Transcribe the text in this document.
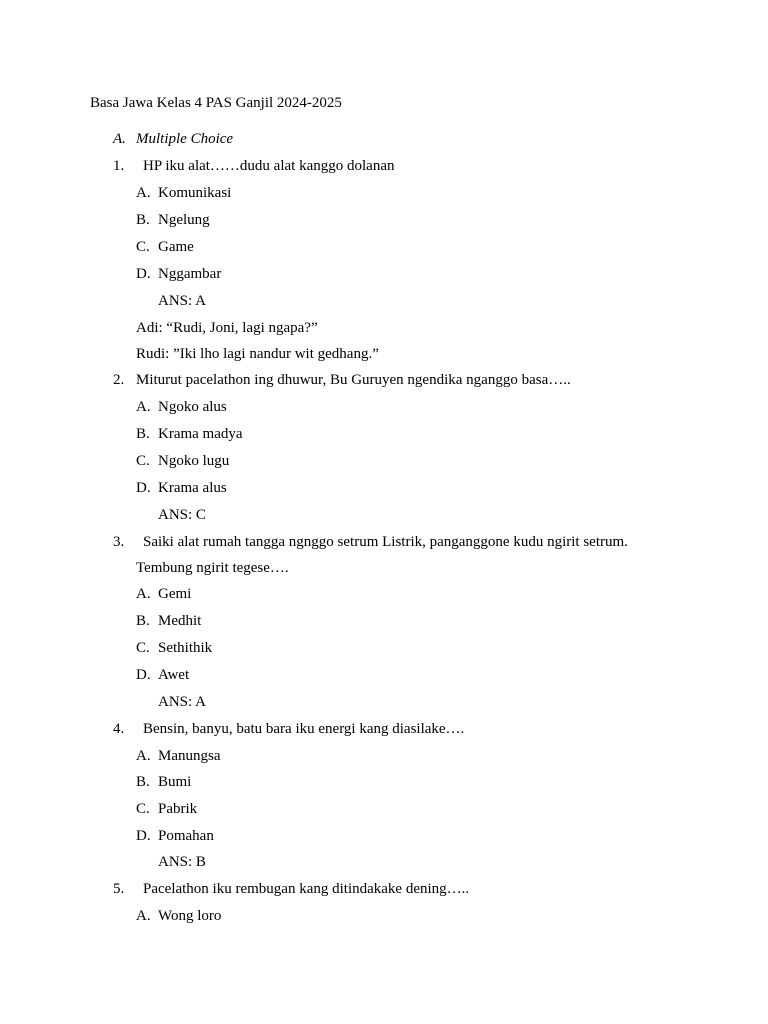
Basa Jawa Kelas 4 PAS Ganjil 2024-2025
A. Multiple Choice
1. HP iku alat……dudu alat kanggo dolanan
A. Komunikasi
B. Ngelung
C. Game
D. Nggambar
ANS: A
Adi: “Rudi, Joni, lagi ngapa?”
Rudi: ”Iki lho lagi nandur wit gedhang.”
2. Miturut pacelathon ing dhuwur, Bu Guruyen ngendika nganggo basa…..
A. Ngoko alus
B. Krama madya
C. Ngoko lugu
D. Krama alus
ANS: C
3. Saiki alat rumah tangga ngnggo setrum Listrik, panganggone kudu ngirit setrum.
Tembung ngirit tegese….
A. Gemi
B. Medhit
C. Sethithik
D. Awet
ANS: A
4. Bensin, banyu, batu bara iku energi kang diasilake….
A. Manungsa
B. Bumi
C. Pabrik
D. Pomahan
ANS: B
5. Pacelathon iku rembugan kang ditindakake dening…..
A. Wong loro
